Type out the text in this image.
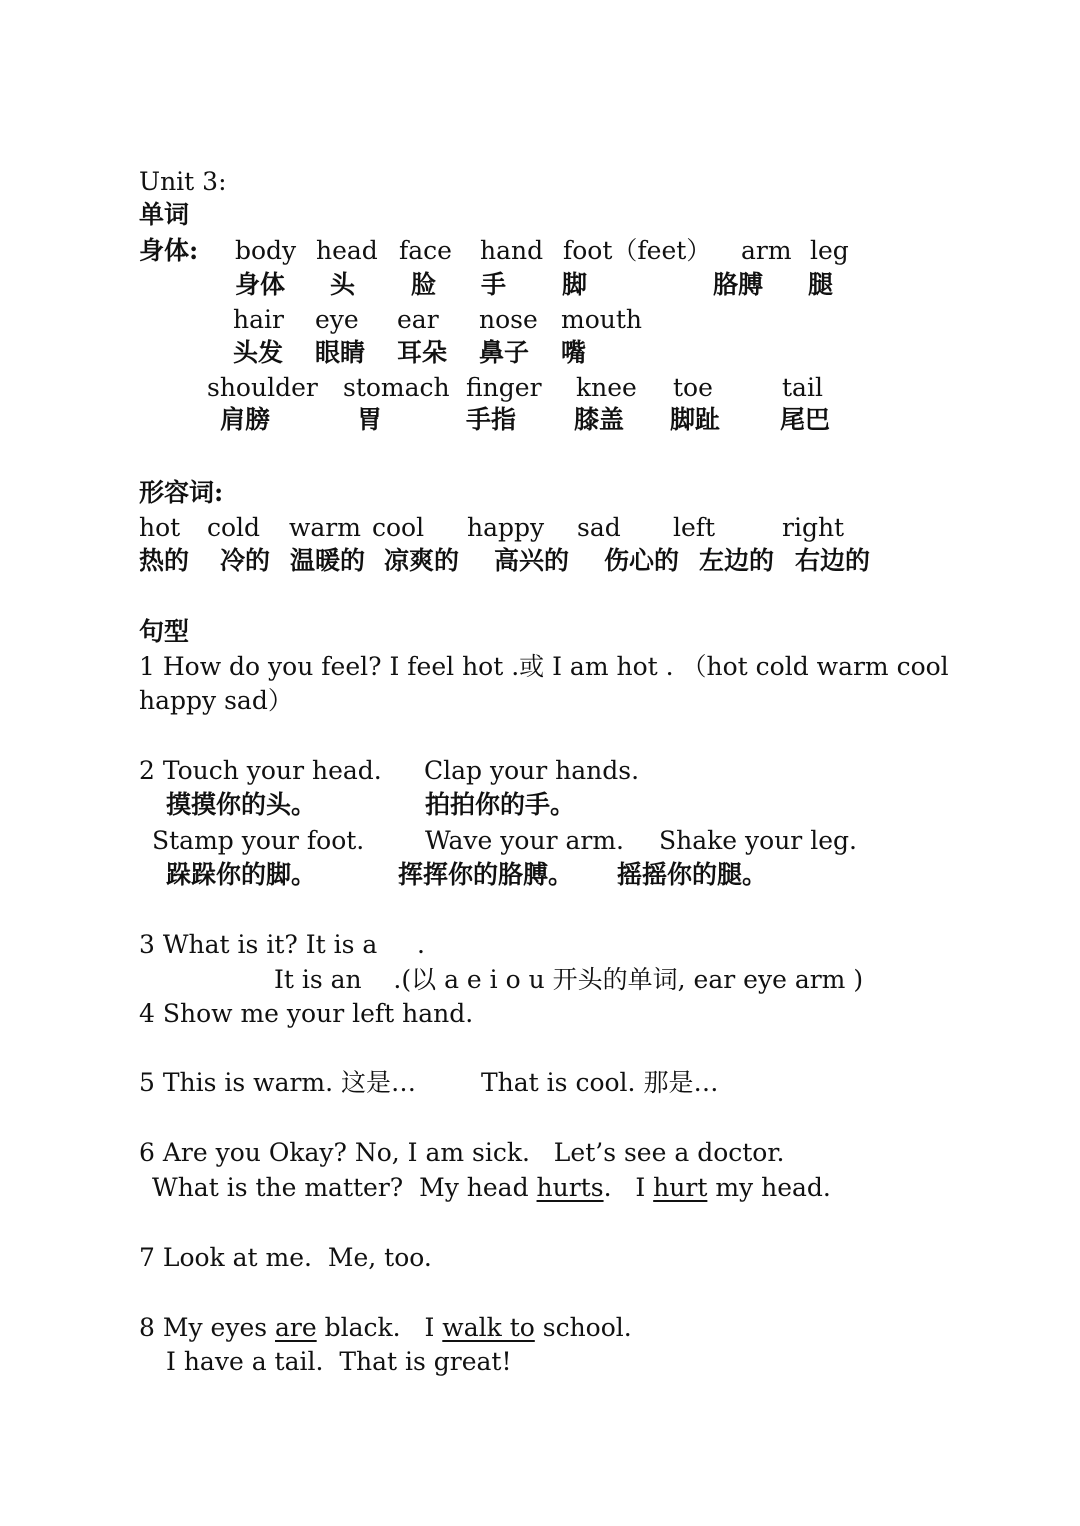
Unit 3:
单词
身体: body head face hand foot（feet） arm leg
身体 头 脸 手 脚	胳膊 腿
hair eye ear nose mouth
头发 眼睛 耳朵 鼻子 嘴
shoulder stomach finger knee toe	tail
肩膀	胃	手指 膝盖 脚趾 尾巴
形容词:
hot cold warm cool happy sad left	right
热的 冷的 温暖的 凉爽的 高兴的 伤心的 左边的 右边的
句型
1 How do you feel? I feel hot .或 I am hot . （hot cold warm cool
happy sad）
2 Touch your head. Clap your hands.
摸摸你的头。	拍拍你的手。
Stamp your foot. Wave your arm. Shake your leg.
跺跺你的脚。	挥挥你的胳膊。 摇摇你的腿。
3 What is it? It is a     .
It is an    .(以 a e i o u 开头的单词, ear eye arm )
4 Show me your left hand.
5 This is warm. 这是…	That is cool. 那是…
6 Are you Okay? No, I am sick.   Let’s see a doctor.
What is the matter?  My head hurts.   I hurt my head.
7 Look at me.  Me, too.
8 My eyes are black.   I walk to school.
I have a tail.  That is great!
